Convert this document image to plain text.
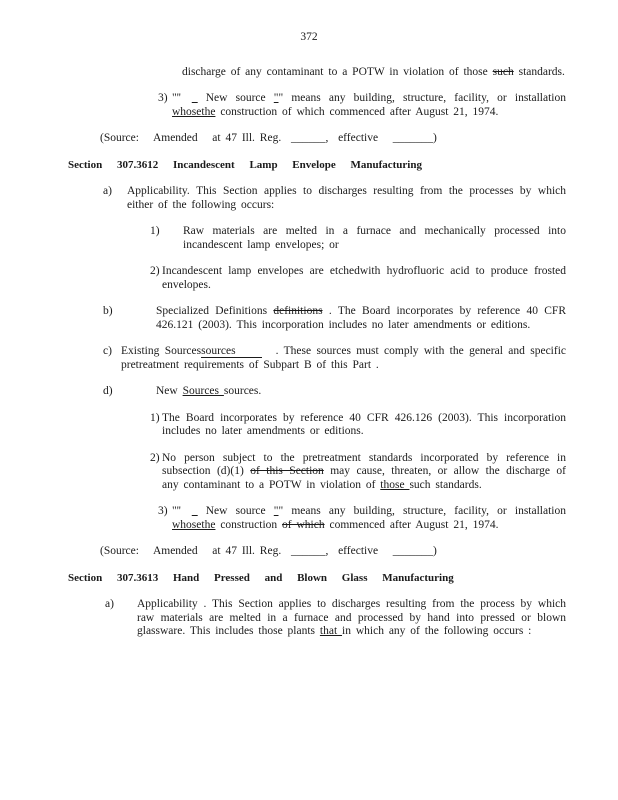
372
discharge of any contaminant to a POTW in violation of those such standards.
3) "'' _ New source "" means any building, structure, facility, or installation whosethe construction of which commenced after August 21, 1974.
(Source:   Amended   at 47 Ill. Reg.  ______,  effective   _______)
Section 307.3612 Incandescent Lamp Envelope Manufacturing
a)	Applicability. This Section applies to discharges resulting from the processes by which either of the following occurs:
1)	Raw materials are melted in a furnace and mechanically processed into incandescent lamp envelopes; or
2) Incandescent lamp envelopes are etchedwith hydrofluoric acid to produce frosted envelopes.
b)	Specialized Definitions definitions . The Board incorporates by reference 40 CFR 426.121 (2003). This incorporation includes no later amendments or editions.
c) Existing Sourcessources	. These sources must comply with the general and specific pretreatment requirements of Subpart B of this Part .
d)	New Sources sources.
1) The Board incorporates by reference 40 CFR 426.126 (2003). This incorporation includes no later amendments or editions.
2) No person subject to the pretreatment standards incorporated by reference in subsection (d)(1) of this Section may cause, threaten, or allow the discharge of any contaminant to a POTW in violation of those such standards.
3) "'' _ New source "" means any building, structure, facility, or installation whosethe construction of which commenced after August 21, 1974.
(Source:   Amended   at 47 Ill. Reg.  ______,  effective   _______)
Section 307.3613 Hand Pressed and Blown Glass Manufacturing
a)	Applicability . This Section applies to discharges resulting from the process by which raw materials are melted in a furnace and processed by hand into pressed or blown glassware. This includes those plants that in which any of the following occurs :
